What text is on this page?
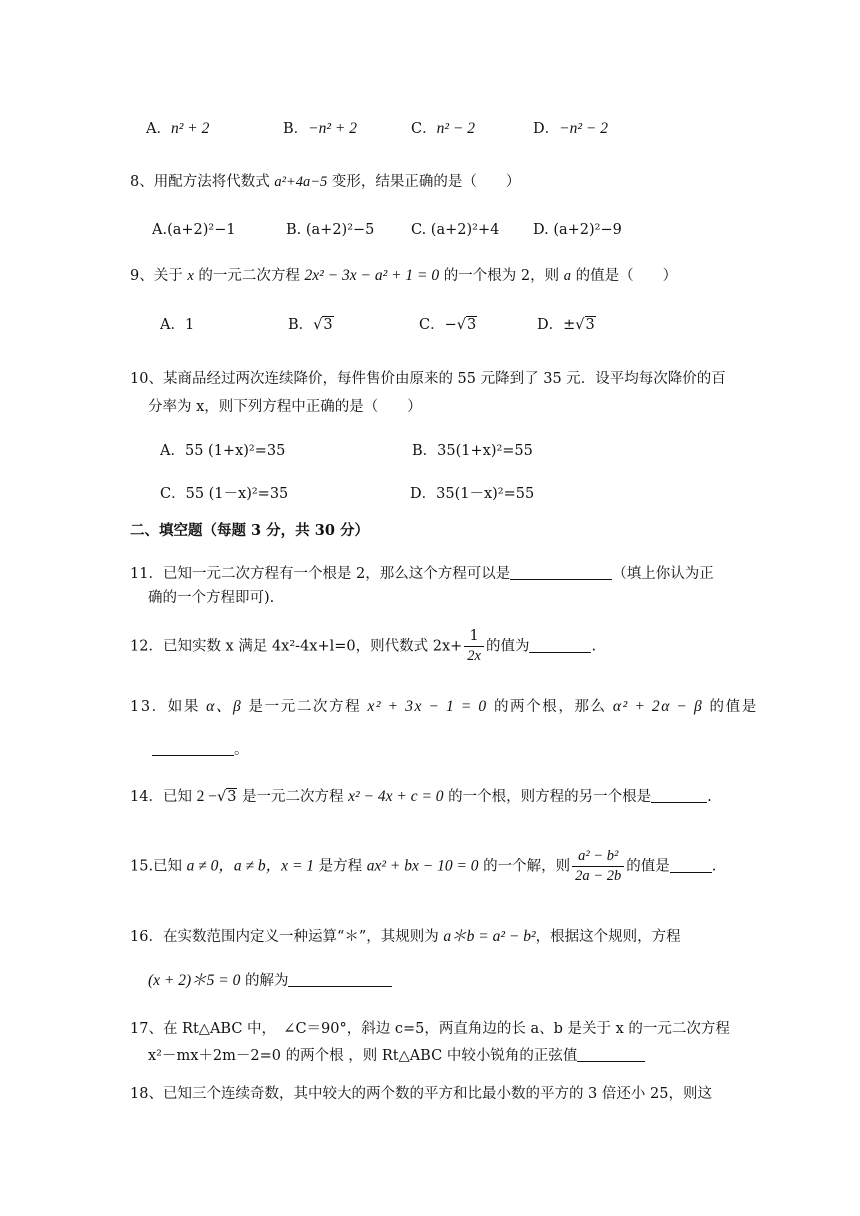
A．n² + 2	B．−n² + 2	C．n² − 2	D．−n² − 2
8、用配方法将代数式 a²+4a−5 变形，结果正确的是（　　）
A.(a+2)²−1	B. (a+2)²−5	C. (a+2)²+4 D. (a+2)²−9
9、关于 x 的一元二次方程 2x² − 3x − a² + 1 = 0 的一个根为 2，则 a 的值是（　　）
A．1	B．√3	C．−√3	D．±√3
10、某商品经过两次连续降价，每件售价由原来的 55 元降到了 35 元．设平均每次降价的百
分率为 x，则下列方程中正确的是（　　）
A．55 (1+x)²=35	B．35(1+x)²=55
C．55 (1－x)²=35	D．35(1－x)²=55
二、填空题（每题 3 分，共 30 分）
11．已知一元二次方程有一个根是 2，那么这个方程可以是	（填上你认为正
确的一个方程即可).
12．已知实数 x 满足 4x²-4x+l=0，则代数式 $2x+ \frac{1}{2x}$ 的值为	.
13．如果 α、β 是一元二次方程 x² + 3x − 1 = 0 的两个根，那么 α² + 2α − β 的值是
。
14．已知 2 −√3 是一元二次方程 x² − 4x + c = 0 的一个根，则方程的另一个根是	.
15.已知 a ≠ 0，a ≠ b，x = 1 是方程 ax² + bx − 10 = 0 的一个解，则 $\frac{\text{a² − b²}}{2a - 2b}$ 的值是	.
16．在实数范围内定义一种运算“＊”，其规则为 a＊b = a² − b²，根据这个规则，方程
(x + 2)＊5 = 0 的解为
17、在 Rt△ABC 中，　∠C＝90°，斜边 c=5，两直角边的长 a、b 是关于 x 的一元二次方程
x²－mx＋2m－2=0 的两个根 ，则 Rt△ABC 中较小锐角的正弦值
18、已知三个连续奇数，其中较大的两个数的平方和比最小数的平方的 3 倍还小 25，则这
